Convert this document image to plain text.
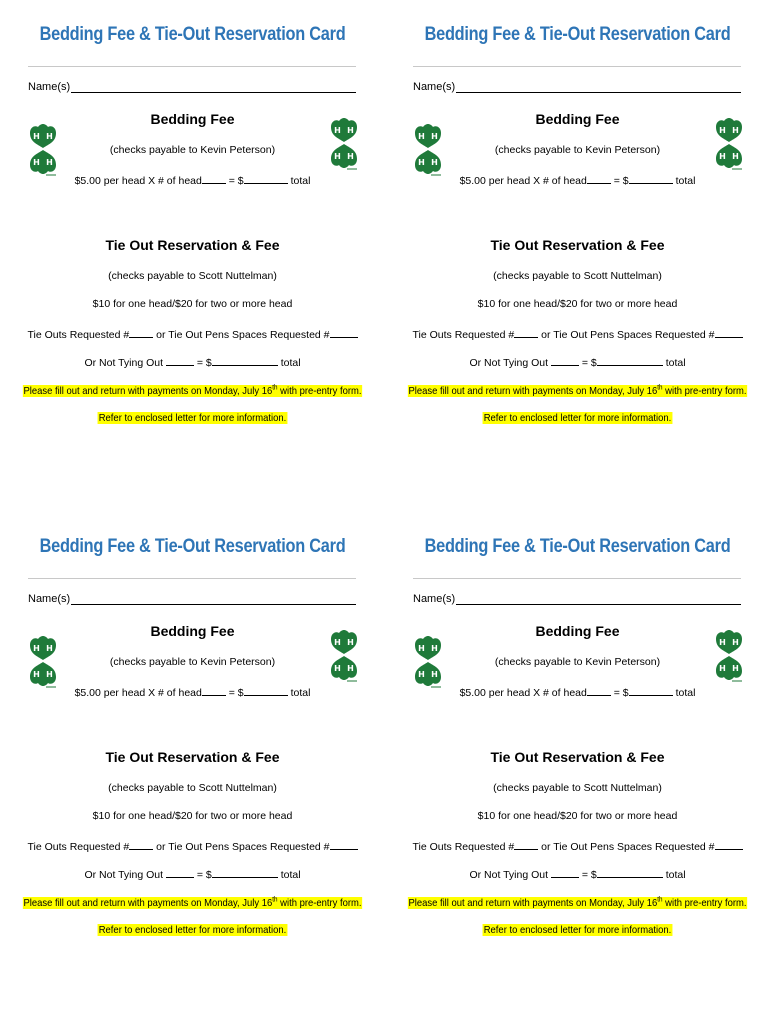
Bedding Fee & Tie-Out Reservation Card
Name(s)
H H
H H
H H
H H
Bedding Fee
(checks payable to Kevin Peterson)
$5.00 per head X # of head = $	total
Tie Out Reservation & Fee
(checks payable to Scott Nuttelman)
$10 for one head/$20 for two or more head
Tie Outs Requested # or Tie Out Pens Spaces Requested #
Or Not Tying Out	= $	total
Please fill out and return with payments on Monday, July 16th with pre-entry form.
Refer to enclosed letter for more information.
Bedding Fee & Tie-Out Reservation Card
Name(s)
H H
H H
H H
H H
Bedding Fee
(checks payable to Kevin Peterson)
$5.00 per head X # of head = $	total
Tie Out Reservation & Fee
(checks payable to Scott Nuttelman)
$10 for one head/$20 for two or more head
Tie Outs Requested # or Tie Out Pens Spaces Requested #
Or Not Tying Out	= $	total
Please fill out and return with payments on Monday, July 16th with pre-entry form.
Refer to enclosed letter for more information.
Bedding Fee & Tie-Out Reservation Card
Name(s)
H H
H H
H H
H H
Bedding Fee
(checks payable to Kevin Peterson)
$5.00 per head X # of head = $	total
Tie Out Reservation & Fee
(checks payable to Scott Nuttelman)
$10 for one head/$20 for two or more head
Tie Outs Requested # or Tie Out Pens Spaces Requested #
Or Not Tying Out	= $	total
Please fill out and return with payments on Monday, July 16th with pre-entry form.
Refer to enclosed letter for more information.
Bedding Fee & Tie-Out Reservation Card
Name(s)
H H
H H
H H
H H
Bedding Fee
(checks payable to Kevin Peterson)
$5.00 per head X # of head = $	total
Tie Out Reservation & Fee
(checks payable to Scott Nuttelman)
$10 for one head/$20 for two or more head
Tie Outs Requested # or Tie Out Pens Spaces Requested #
Or Not Tying Out	= $	total
Please fill out and return with payments on Monday, July 16th with pre-entry form.
Refer to enclosed letter for more information.
